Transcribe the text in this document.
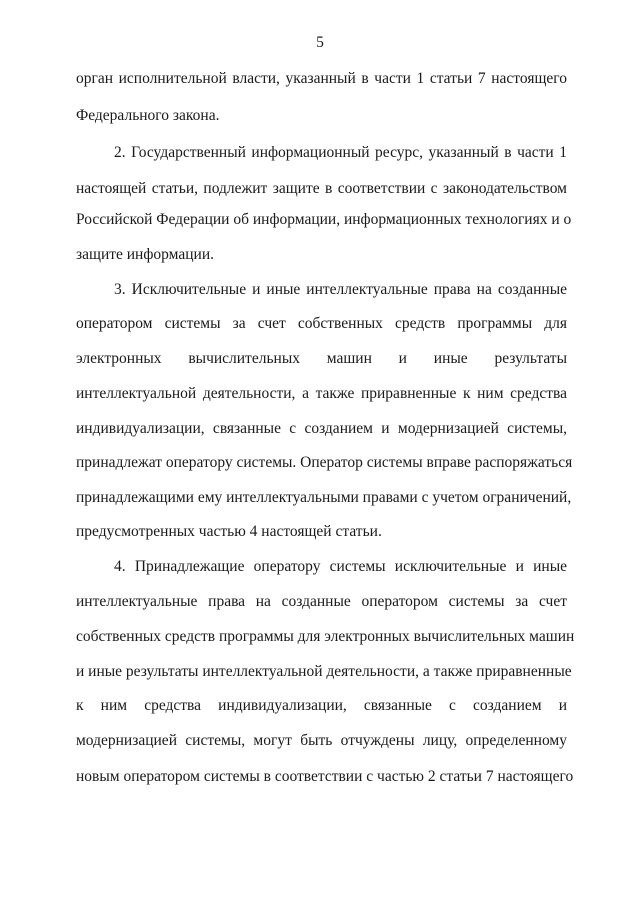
5
орган исполнительной власти, указанный в части 1 статьи 7 настоящего
Федерального закона.
2. Государственный информационный ресурс, указанный в части 1
настоящей статьи, подлежит защите в соответствии с законодательством
Российской Федерации об информации, информационных технологиях и о
защите информации.
3. Исключительные и иные интеллектуальные права на созданные
оператором системы за счет собственных средств программы для
электронных вычислительных машин и иные результаты
интеллектуальной деятельности, а также приравненные к ним средства
индивидуализации, связанные с созданием и модернизацией системы,
принадлежат оператору системы. Оператор системы вправе распоряжаться
принадлежащими ему интеллектуальными правами с учетом ограничений,
предусмотренных частью 4 настоящей статьи.
4. Принадлежащие оператору системы исключительные и иные
интеллектуальные права на созданные оператором системы за счет
собственных средств программы для электронных вычислительных машин
и иные результаты интеллектуальной деятельности, а также приравненные
к ним средства индивидуализации, связанные с созданием и
модернизацией системы, могут быть отчуждены лицу, определенному
новым оператором системы в соответствии с частью 2 статьи 7 настоящего
